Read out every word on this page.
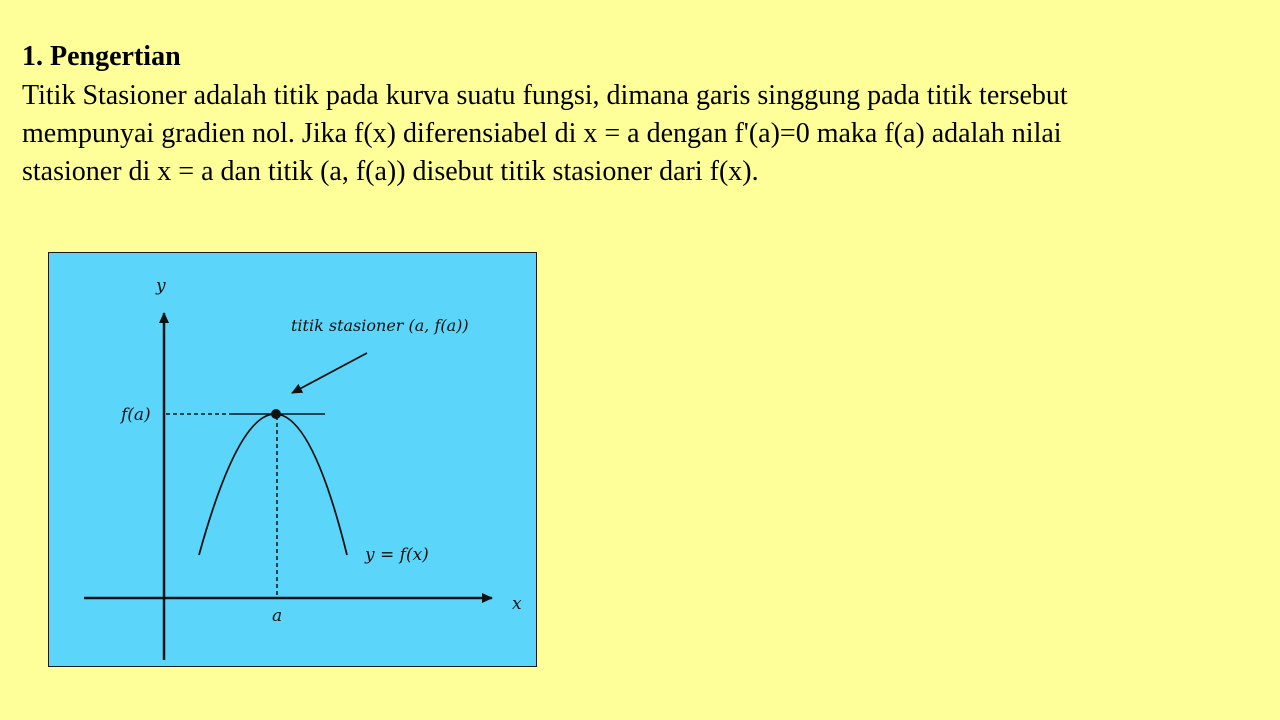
1. Pengertian
Titik Stasioner adalah titik pada kurva suatu fungsi, dimana garis singgung pada titik tersebut
mempunyai gradien nol. Jika f(x) diferensiabel di x = a dengan f'(a)=0 maka f(a) adalah nilai
stasioner di x = a dan titik (a, f(a)) disebut titik stasioner dari f(x).
y
x
f(a)
a
titik stasioner (a, f(a))
y = f(x)
